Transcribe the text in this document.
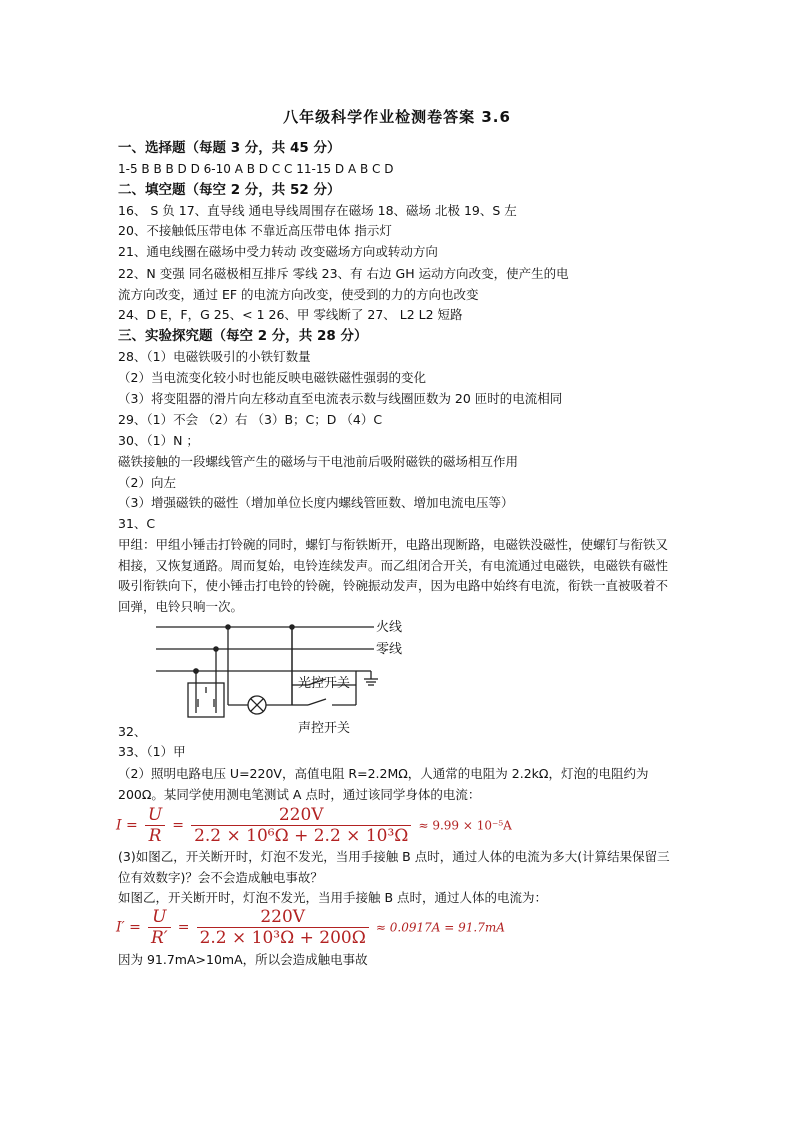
八年级科学作业检测卷答案 3.6
一、选择题（每题 3 分，共 45 分）
1-5 B B B D D 6-10 A B D C C 11-15 D A B C D
二、填空题（每空 2 分，共 52 分）
16、 S 负 17、直导线 通电导线周围存在磁场 18、磁场 北极 19、S 左
20、不接触低压带电体 不靠近高压带电体 指示灯
21、通电线圈在磁场中受力转动 改变磁场方向或转动方向
22、N 变强 同名磁极相互排斥 零线 23、有 右边 GH 运动方向改变，使产生的电
流方向改变，通过 EF 的电流方向改变，使受到的力的方向也改变
24、D E，F，G 25、< 1 26、甲 零线断了 27、 L2 L2 短路
三、实验探究题（每空 2 分，共 28 分）
28、（1）电磁铁吸引的小铁钉数量
（2）当电流变化较小时也能反映电磁铁磁性强弱的变化
（3）将变阻器的滑片向左移动直至电流表示数与线圈匝数为 20 匝时的电流相同
29、（1）不会 （2）右 （3）B；C；D （4）C
30、（1）N ；
磁铁接触的一段螺线管产生的磁场与干电池前后吸附磁铁的磁场相互作用
（2）向左
（3）增强磁铁的磁性（增加单位长度内螺线管匝数、增加电流电压等）
31、C
甲组：甲组小锤击打铃碗的同时，螺钉与衔铁断开，电路出现断路，电磁铁没磁性，使螺钉与衔铁又相接，又恢复通路。周而复始，电铃连续发声。而乙组闭合开关，有电流通过电磁铁，电磁铁有磁性吸引衔铁向下，使小锤击打电铃的铃碗，铃碗振动发声，因为电路中始终有电流，衔铁一直被吸着不回弹，电铃只响一次。
火线
零线
光控开关
声控开关
32、
33、（1）甲
（2）照明电路电压 U=220V，高值电阻 R=2.2MΩ，人通常的电阻为 2.2kΩ，灯泡的电阻约为 200Ω。某同学使用测电笔测试 A 点时，通过该同学身体的电流：
$I = \frac{U}{R} = \frac{220V}{\text{2.2 × 10⁶Ω + 2.2 × 10³Ω}} \approx 9.99 \times 10^{-5}A$
(3)如图乙，开关断开时，灯泡不发光，当用手接触 B 点时，通过人体的电流为多大(计算结果保留三位有效数字)？会不会造成触电事故？
如图乙，开关断开时，灯泡不发光，当用手接触 B 点时，通过人体的电流为：
$I' = \frac{U}{R'} = \frac{220V}{\text{2.2 × 10³Ω + 200Ω}} \approx 0.0917A = 91.7mA$
因为 91.7mA>10mA，所以会造成触电事故
